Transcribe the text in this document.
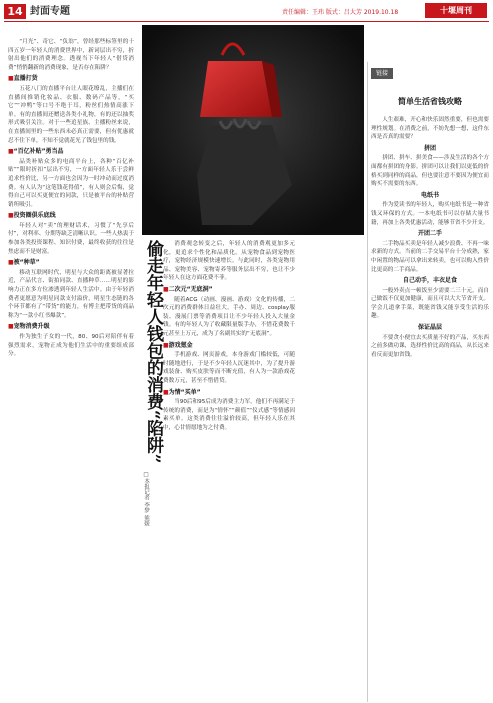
14 封面专题	责任编辑：王玮 版式：吕大芳 2019.10.18	十堰周刊

“月光”、奇它、“负翁”，曾经那些标签里的十四五岁一年轻人的消费世界中，新词层出不穷，折射出他们的消费理念。透视当下年轻人“借贷消费”悄悄翻新的消费现象，是否存在陷阱？

■直播打货

五花八门的直播平台让人眼花缭乱，主播们在直播间推销化妆品、衣服、数码产品等，“买它”“冲鸭”等口号不绝于耳，粉丝们热情高涨下单。有的直播间还赠送各类小礼物，有的还以抽奖形式吸引关注。对于一些追星族、主播粉丝来说，在直播间里的一些东西未必真正需要，但有优惠就忍不住下单，不知不觉就花光了钱包里的钱。

■“百亿补贴”勇当品

品类补贴众多的电商平台上，各种“百亿补贴”“限时折扣”层出不穷，一方面年轻人乐于尝鲜追求性价比，另一方面也会因为一时冲动而过度消费。有人认为“这笔钱花得值”，有人则会后悔，觉得自己可以买更便宜的同款，只是被平台的补贴营销所吸引。

■投资圈俱乐底线

年轻人对“卖”的理财话术，习惯了“先享后付”，对利率、分期等缺乏清晰认识。一些人热衷于参加各类投资课程、知识付费，最终收获的往往是焦虑而不是财富。

■被“种草”

移动互联网时代，明星与大众的距离被显著拉近，产品代言、街拍同款、直播种草……明星的影响力正在多方位渗透到年轻人生活中。由于年轻消费者更愿意为明星同款支付溢价，明星生态链的各个环节都有了“带货”的能力，有博主把带货的商品称为“一款小红书爆款”。

■宠物消费升级

作为独生子女的一代，80、90后对陪伴有着强烈需求，宠物正成为他们生活中的重要组成部分。	偷走年轻人钱包的消费“陷阱”
□本报记者 李梦 熊媛

消费观念转变之后，年轻人的消费观更加多元化，更追求个性化和品质化。从宠物食品到宠物医疗，宠物经济规模快速增长。与此同时，各类宠物用品、宠物美容、宠物寄养等服务层出不穷，也让不少年轻人在这方面花费不菲。

■二次元“无底洞”

随着ACG（动画、漫画、游戏）文化的传播，二次元的消费群体日益壮大。手办、周边、cosplay服装、漫展门票等消费项目让不少年轻人投入大量金钱。有的年轻人为了收藏限量版手办，不惜花费数千元甚至上万元，成为了名副其实的“无底洞”。

■游戏氪金

手机游戏、网页游戏，本身游戏门槛较低，可随时随地进行，于是不少年轻人沉迷其中，为了提升游戏装备、购买皮肤等而不断充值，有人为一款游戏花费数万元，甚至不惜借贷。

■为情“买单”

当90后和95后成为消费主力军，他们不再满足于传统的消费，而是为“情怀”“颜值”“仪式感”等情感因素买单。这类消费往往溢价较高，但年轻人乐在其中，心甘情愿地为之付费。

链接
简单生活省钱攻略

人生艰难，开心和快乐固然重要，但也需要理性规划。在消费之前，不妨先想一想，这件东西是否真的需要？

拼团

拼团、拼车、拼美食——涉及生活的各个方面都有拼团的身影。拼团可以让我们以更低的价格买到同样的商品，但也要注意不要因为便宜而购买不需要的东西。

电纸书

作为爱读书的年轻人，购买电纸书是一种省钱又环保的方式。一本电纸书可以存储大量书籍，再加上各类优惠活动，能够节省不少开支。

开团二手

二手物品买卖是年轻人减少浪费、不再一味求新的方式。当前的二手交易平台十分成熟，家中闲置的物品可以拿出来转卖，也可以购入性价比更高的二手商品。

自己动手，丰衣足食

一般外卖点一顿饭至少需要二三十元，而自己做饭不仅更加健康，而且可以大大节省开支。学会几道拿手菜，既能省钱又能享受生活的乐趣。

保证晶层

不要贪小便宜去买质量不好的产品，买东西之前多做功课，选择性价比高的商品，从长远来看反而更加省钱。
